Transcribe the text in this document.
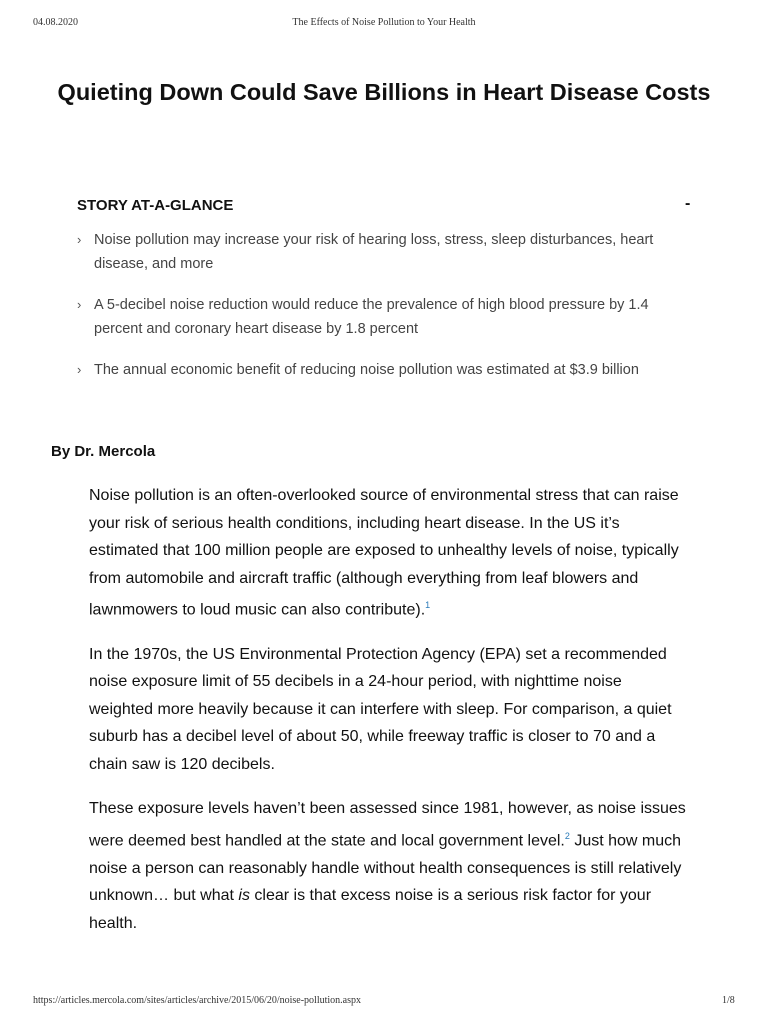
04.08.2020	The Effects of Noise Pollution to Your Health
Quieting Down Could Save Billions in Heart Disease Costs
STORY AT-A-GLANCE	-
› Noise pollution may increase your risk of hearing loss, stress, sleep disturbances, heart disease, and more
› A 5-decibel noise reduction would reduce the prevalence of high blood pressure by 1.4 percent and coronary heart disease by 1.8 percent
› The annual economic benefit of reducing noise pollution was estimated at $3.9 billion
By Dr. Mercola

Noise pollution is an often-overlooked source of environmental stress that can raise your risk of serious health conditions, including heart disease. In the US it’s estimated that 100 million people are exposed to unhealthy levels of noise, typically from automobile and aircraft traffic (although everything from leaf blowers and lawnmowers to loud music can also contribute).$^1$

In the 1970s, the US Environmental Protection Agency (EPA) set a recommended noise exposure limit of 55 decibels in a 24-hour period, with nighttime noise weighted more heavily because it can interfere with sleep. For comparison, a quiet suburb has a decibel level of about 50, while freeway traffic is closer to 70 and a chain saw is 120 decibels.

These exposure levels haven’t been assessed since 1981, however, as noise issues were deemed best handled at the state and local government level.$^2$ Just how much noise a person can reasonably handle without health consequences is still relatively unknown… but what is clear is that excess noise is a serious risk factor for your health.

https://articles.mercola.com/sites/articles/archive/2015/06/20/noise-pollution.aspx	1/8
